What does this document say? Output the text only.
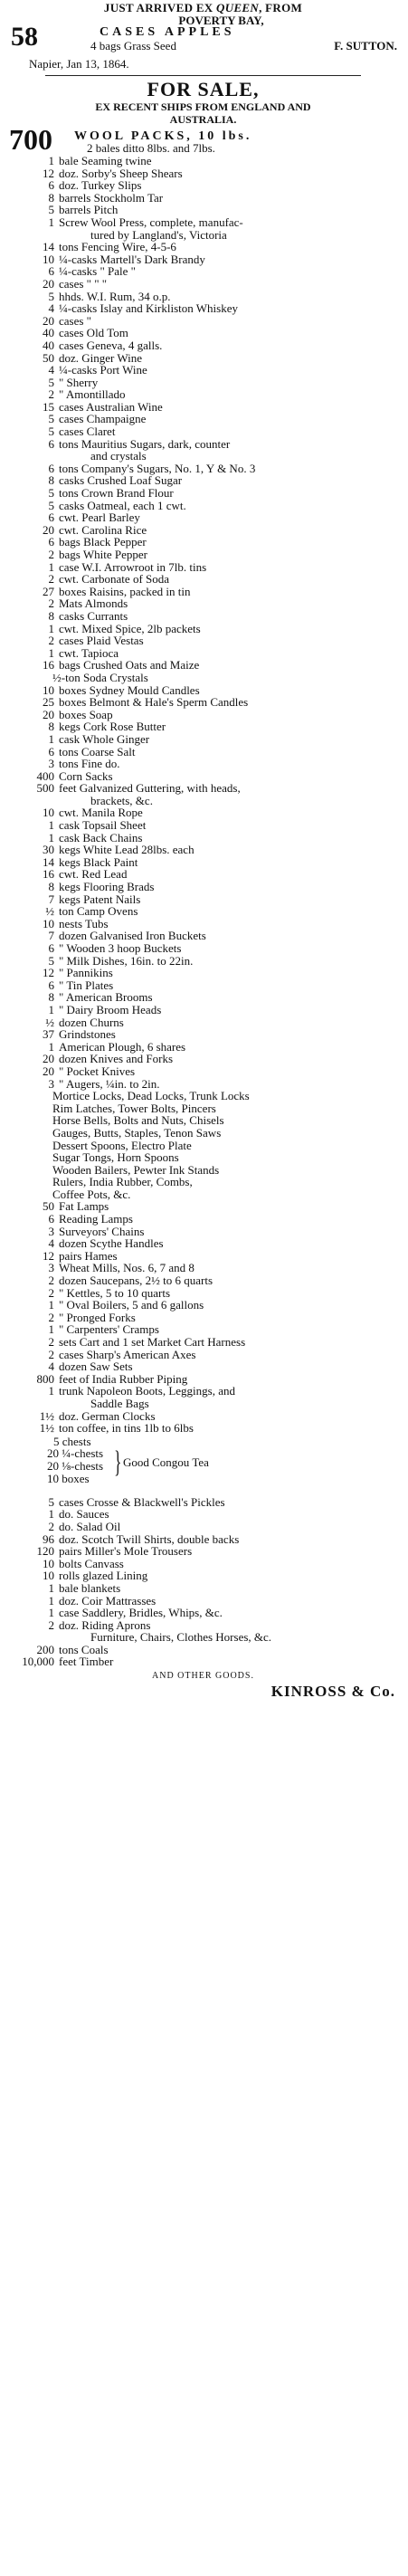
JUST ARRIVED EX QUEEN, FROM
POVERTY BAY,
58	CASES APPLES
4 bags Grass Seed	F. SUTTON.
Napier, Jan 13, 1864.
FOR SALE,
EX RECENT SHIPS FROM ENGLAND AND
AUSTRALIA.
700 WOOL PACKS, 10 lbs.
2 bales ditto 8lbs. and 7lbs.
1 bale Seaming twine
12 doz. Sorby's Sheep Shears
6 doz. Turkey Slips
8 barrels Stockholm Tar
5 barrels Pitch
1 Screw Wool Press, complete, manufac-
tured by Langland's, Victoria
14 tons Fencing Wire, 4-5-6
10 ¼-casks Martell's Dark Brandy
6 ¼-casks " Pale "
20 cases " " "
5 hhds. W.I. Rum, 34 o.p.
4 ¼-casks Islay and Kirkliston Whiskey
20 cases "
40 cases Old Tom
40 cases Geneva, 4 galls.
50 doz. Ginger Wine
4 ¼-casks Port Wine
5 " Sherry
2 " Amontillado
15 cases Australian Wine
5 cases Champaigne
5 cases Claret
6 tons Mauritius Sugars, dark, counter
and crystals
6 tons Company's Sugars, No. 1, Y & No. 3
8 casks Crushed Loaf Sugar
5 tons Crown Brand Flour
5 casks Oatmeal, each 1 cwt.
6 cwt. Pearl Barley
20 cwt. Carolina Rice
6 bags Black Pepper
2 bags White Pepper
1 case W.I. Arrowroot in 7lb. tins
2 cwt. Carbonate of Soda
27 boxes Raisins, packed in tin
2 Mats Almonds
8 casks Currants
1 cwt. Mixed Spice, 2lb packets
2 cases Plaid Vestas
1 cwt. Tapioca
16 bags Crushed Oats and Maize
½-ton Soda Crystals
10 boxes Sydney Mould Candles
25 boxes Belmont & Hale's Sperm Candles
20 boxes Soap
8 kegs Cork Rose Butter
1 cask Whole Ginger
6 tons Coarse Salt
3 tons Fine do.
400 Corn Sacks
500 feet Galvanized Guttering, with heads,
brackets, &c.
10 cwt. Manila Rope
1 cask Topsail Sheet
1 cask Back Chains
30 kegs White Lead 28lbs. each
14 kegs Black Paint
16 cwt. Red Lead
8 kegs Flooring Brads
7 kegs Patent Nails
½ ton Camp Ovens
10 nests Tubs
7 dozen Galvanised Iron Buckets
6 " Wooden 3 hoop Buckets
5 " Milk Dishes, 16in. to 22in.
12 " Pannikins
6 " Tin Plates
8 " American Brooms
1 " Dairy Broom Heads
½ dozen Churns
37 Grindstones
1 American Plough, 6 shares
20 dozen Knives and Forks
20 " Pocket Knives
3 " Augers, ¼in. to 2in.
Mortice Locks, Dead Locks, Trunk Locks
Rim Latches, Tower Bolts, Pincers
Horse Bells, Bolts and Nuts, Chisels
Gauges, Butts, Staples, Tenon Saws
Dessert Spoons, Electro Plate
Sugar Tongs, Horn Spoons
Wooden Bailers, Pewter Ink Stands
Rulers, India Rubber, Combs,
Coffee Pots, &c.
50 Fat Lamps
6 Reading Lamps
3 Surveyors' Chains
4 dozen Scythe Handles
12 pairs Hames
3 Wheat Mills, Nos. 6, 7 and 8
2 dozen Saucepans, 2½ to 6 quarts
2 " Kettles, 5 to 10 quarts
1 " Oval Boilers, 5 and 6 gallons
2 " Pronged Forks
1 " Carpenters' Cramps
2 sets Cart and 1 set Market Cart Harness
2 cases Sharp's American Axes
4 dozen Saw Sets
800 feet of India Rubber Piping
1 trunk Napoleon Boots, Leggings, and
Saddle Bags
1½ doz. German Clocks
1½ ton coffee, in tins 1lb to 6lbs
} Good Congou Tea
5 chests
20 ¼-chests
20 ⅛-chests
10 boxes
5 cases Crosse & Blackwell's Pickles
1 do. Sauces
2 do. Salad Oil
96 doz. Scotch Twill Shirts, double backs
120 pairs Miller's Mole Trousers
10 bolts Canvass
10 rolls glazed Lining
1 bale blankets
1 doz. Coir Mattrasses
1 case Saddlery, Bridles, Whips, &c.
2 doz. Riding Aprons
Furniture, Chairs, Clothes Horses, &c.
200 tons Coals
10,000 feet Timber
AND OTHER GOODS.
KINROSS & Co.
